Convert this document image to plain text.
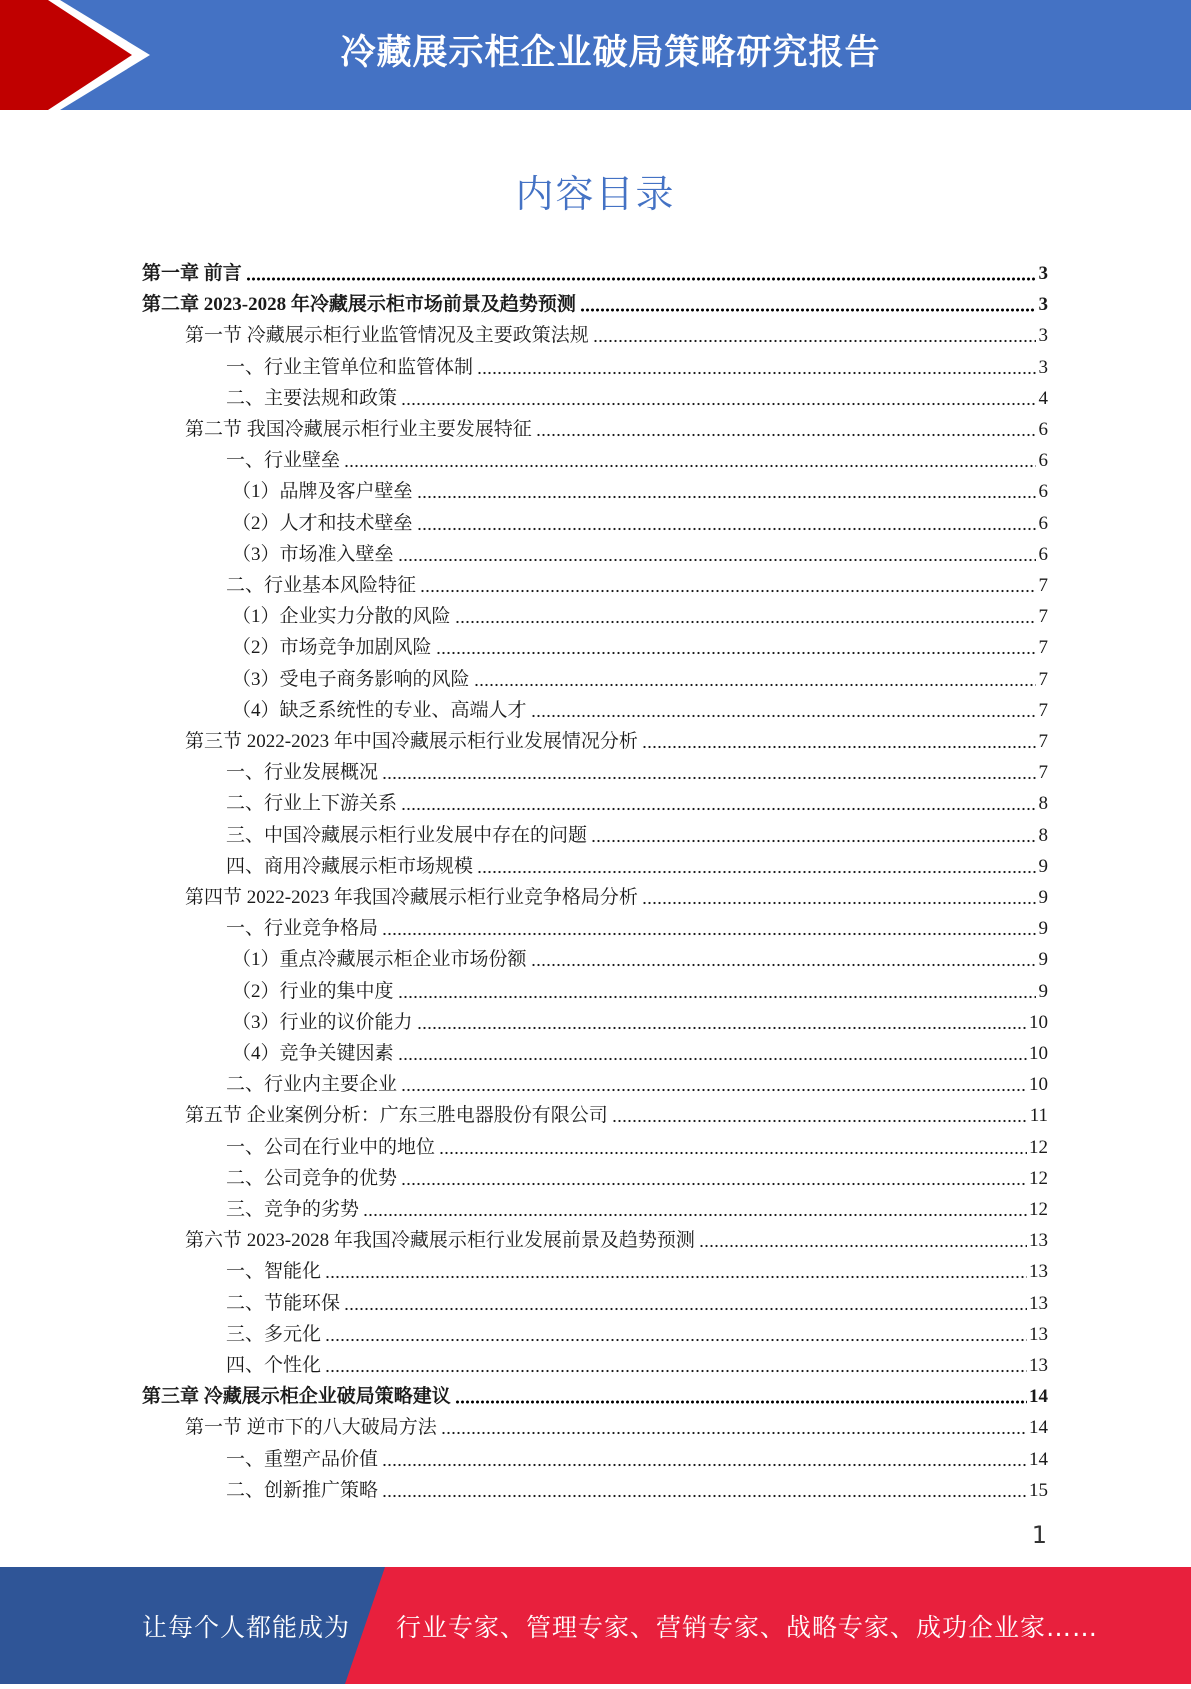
冷藏展示柜企业破局策略研究报告
内容目录
第一章 前言	3
第二章 2023-2028 年冷藏展示柜市场前景及趋势预测	3
第一节 冷藏展示柜行业监管情况及主要政策法规	3
一、行业主管单位和监管体制	3
二、主要法规和政策	4
第二节 我国冷藏展示柜行业主要发展特征	6
一、行业壁垒	6
（1）品牌及客户壁垒	6
（2）人才和技术壁垒	6
（3）市场准入壁垒	6
二、行业基本风险特征	7
（1）企业实力分散的风险	7
（2）市场竞争加剧风险	7
（3）受电子商务影响的风险	7
（4）缺乏系统性的专业、高端人才	7
第三节 2022-2023 年中国冷藏展示柜行业发展情况分析	7
一、行业发展概况	7
二、行业上下游关系	8
三、中国冷藏展示柜行业发展中存在的问题	8
四、商用冷藏展示柜市场规模	9
第四节 2022-2023 年我国冷藏展示柜行业竞争格局分析	9
一、行业竞争格局	9
（1）重点冷藏展示柜企业市场份额	9
（2）行业的集中度	9
（3）行业的议价能力	10
（4）竞争关键因素	10
二、行业内主要企业	10
第五节 企业案例分析：广东三胜电器股份有限公司	11
一、公司在行业中的地位	12
二、公司竞争的优势	12
三、竞争的劣势	12
第六节 2023-2028 年我国冷藏展示柜行业发展前景及趋势预测	13
一、智能化	13
二、节能环保	13
三、多元化	13
四、个性化	13
第三章 冷藏展示柜企业破局策略建议	14
第一节 逆市下的八大破局方法	14
一、重塑产品价值	14
二、创新推广策略	15
1
让每个人都能成为 行业专家、管理专家、营销专家、战略专家、成功企业家……
